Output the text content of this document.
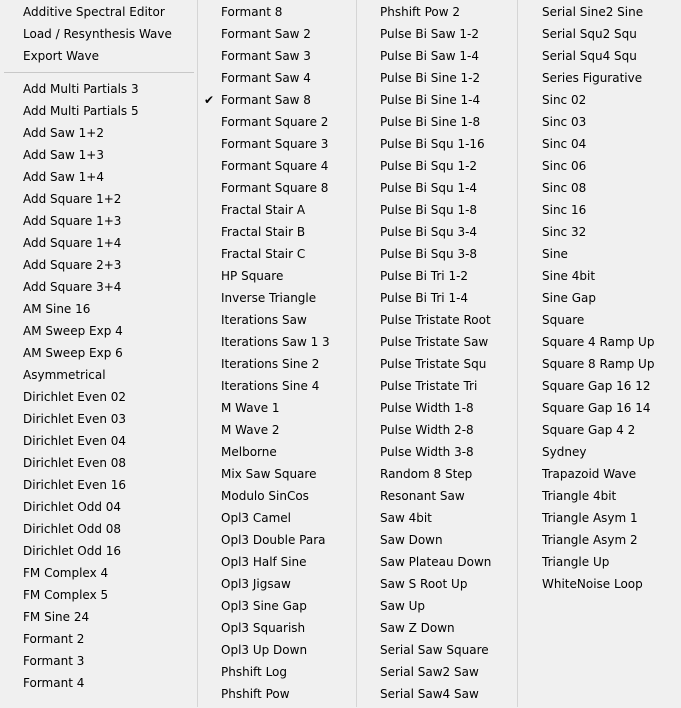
Additive Spectral Editor
Load / Resynthesis Wave
Export Wave
Add Multi Partials 3
Add Multi Partials 5
Add Saw 1+2
Add Saw 1+3
Add Saw 1+4
Add Square 1+2
Add Square 1+3
Add Square 1+4
Add Square 2+3
Add Square 3+4
AM Sine 16
AM Sweep Exp 4
AM Sweep Exp 6
Asymmetrical
Dirichlet Even 02
Dirichlet Even 03
Dirichlet Even 04
Dirichlet Even 08
Dirichlet Even 16
Dirichlet Odd 04
Dirichlet Odd 08
Dirichlet Odd 16
FM Complex 4
FM Complex 5
FM Sine 24
Formant 2
Formant 3
Formant 4
Formant 8
Formant Saw 2
Formant Saw 3
Formant Saw 4
✔ Formant Saw 8
Formant Square 2
Formant Square 3
Formant Square 4
Formant Square 8
Fractal Stair A
Fractal Stair B
Fractal Stair C
HP Square
Inverse Triangle
Iterations Saw
Iterations Saw 1 3
Iterations Sine 2
Iterations Sine 4
M Wave 1
M Wave 2
Melborne
Mix Saw Square
Modulo SinCos
Opl3 Camel
Opl3 Double Para
Opl3 Half Sine
Opl3 Jigsaw
Opl3 Sine Gap
Opl3 Squarish
Opl3 Up Down
Phshift Log
Phshift Pow
Phshift Pow 2
Pulse Bi Saw 1-2
Pulse Bi Saw 1-4
Pulse Bi Sine 1-2
Pulse Bi Sine 1-4
Pulse Bi Sine 1-8
Pulse Bi Squ 1-16
Pulse Bi Squ 1-2
Pulse Bi Squ 1-4
Pulse Bi Squ 1-8
Pulse Bi Squ 3-4
Pulse Bi Squ 3-8
Pulse Bi Tri 1-2
Pulse Bi Tri 1-4
Pulse Tristate Root
Pulse Tristate Saw
Pulse Tristate Squ
Pulse Tristate Tri
Pulse Width 1-8
Pulse Width 2-8
Pulse Width 3-8
Random 8 Step
Resonant Saw
Saw 4bit
Saw Down
Saw Plateau Down
Saw S Root Up
Saw Up
Saw Z Down
Serial Saw Square
Serial Saw2 Saw
Serial Saw4 Saw
Serial Sine2 Sine
Serial Squ2 Squ
Serial Squ4 Squ
Series Figurative
Sinc 02
Sinc 03
Sinc 04
Sinc 06
Sinc 08
Sinc 16
Sinc 32
Sine
Sine 4bit
Sine Gap
Square
Square 4 Ramp Up
Square 8 Ramp Up
Square Gap 16 12
Square Gap 16 14
Square Gap 4 2
Sydney
Trapazoid Wave
Triangle 4bit
Triangle Asym 1
Triangle Asym 2
Triangle Up
WhiteNoise Loop
